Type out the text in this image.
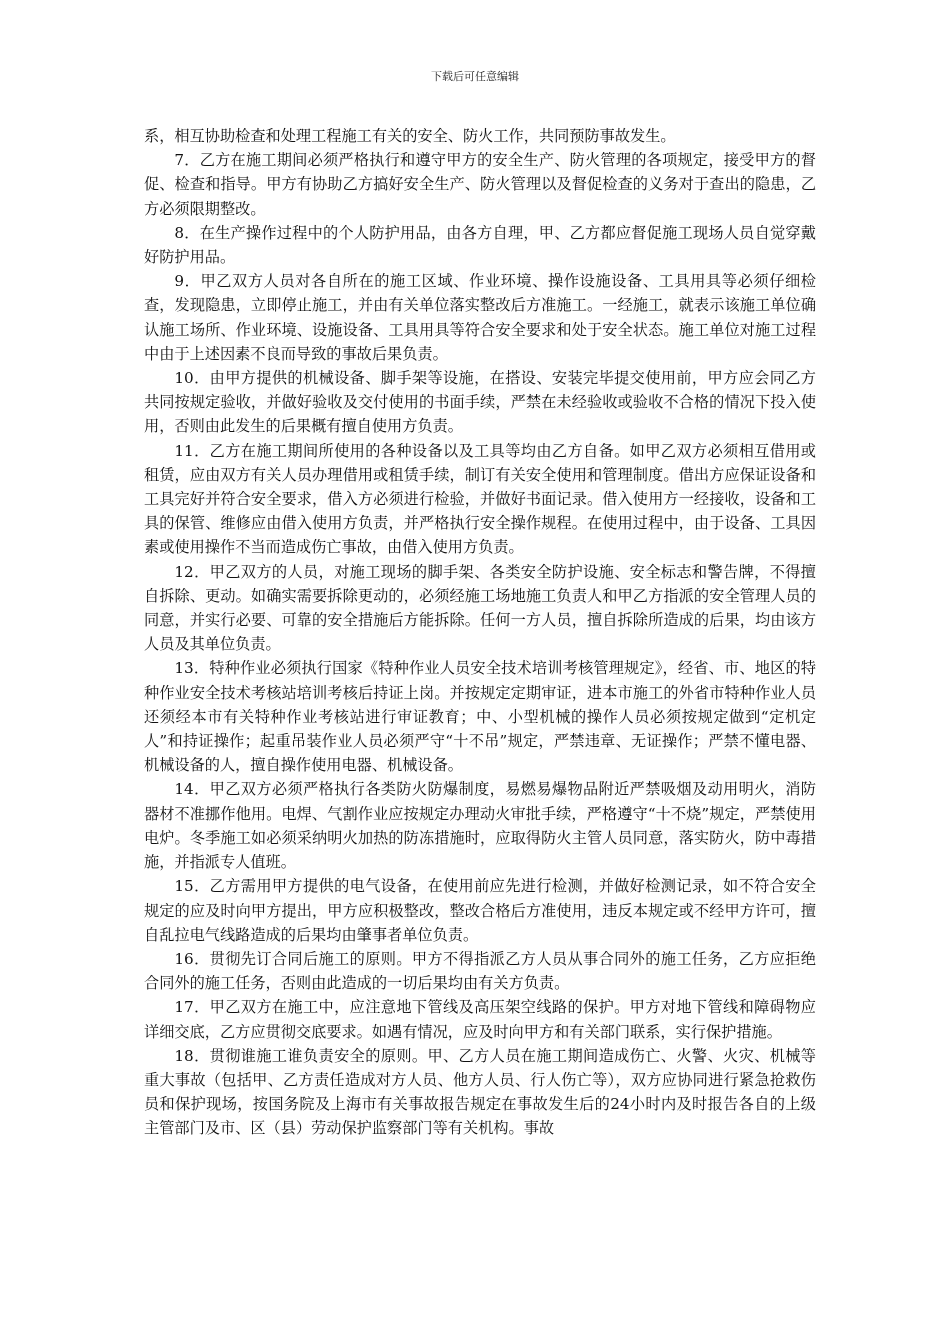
下载后可任意编辑

系，相互协助检查和处理工程施工有关的安全、防火工作，共同预防事故发生。

7．乙方在施工期间必须严格执行和遵守甲方的安全生产、防火管理的各项规定，接受甲方的督促、检查和指导。甲方有协助乙方搞好安全生产、防火管理以及督促检查的义务对于查出的隐患，乙方必须限期整改。

8．在生产操作过程中的个人防护用品，由各方自理，甲、乙方都应督促施工现场人员自觉穿戴好防护用品。

9．甲乙双方人员对各自所在的施工区域、作业环境、操作设施设备、工具用具等必须仔细检查，发现隐患，立即停止施工，并由有关单位落实整改后方准施工。一经施工，就表示该施工单位确认施工场所、作业环境、设施设备、工具用具等符合安全要求和处于安全状态。施工单位对施工过程中由于上述因素不良而导致的事故后果负责。

10．由甲方提供的机械设备、脚手架等设施，在搭设、安装完毕提交使用前，甲方应会同乙方共同按规定验收，并做好验收及交付使用的书面手续，严禁在未经验收或验收不合格的情况下投入使用，否则由此发生的后果概有擅自使用方负责。

11．乙方在施工期间所使用的各种设备以及工具等均由乙方自备。如甲乙双方必须相互借用或租赁，应由双方有关人员办理借用或租赁手续，制订有关安全使用和管理制度。借出方应保证设备和工具完好并符合安全要求，借入方必须进行检验，并做好书面记录。借入使用方一经接收，设备和工具的保管、维修应由借入使用方负责，并严格执行安全操作规程。在使用过程中，由于设备、工具因素或使用操作不当而造成伤亡事故，由借入使用方负责。

12．甲乙双方的人员，对施工现场的脚手架、各类安全防护设施、安全标志和警告牌，不得擅自拆除、更动。如确实需要拆除更动的，必须经施工场地施工负责人和甲乙方指派的安全管理人员的同意，并实行必要、可靠的安全措施后方能拆除。任何一方人员，擅自拆除所造成的后果，均由该方人员及其单位负责。

13．特种作业必须执行国家《特种作业人员安全技术培训考核管理规定》，经省、市、地区的特种作业安全技术考核站培训考核后持证上岗。并按规定定期审证，进本市施工的外省市特种作业人员还须经本市有关特种作业考核站进行审证教育；中、小型机械的操作人员必须按规定做到“定机定人”和持证操作；起重吊装作业人员必须严守“十不吊”规定，严禁违章、无证操作；严禁不懂电器、机械设备的人，擅自操作使用电器、机械设备。

14．甲乙双方必须严格执行各类防火防爆制度，易燃易爆物品附近严禁吸烟及动用明火，消防器材不准挪作他用。电焊、气割作业应按规定办理动火审批手续，严格遵守“十不烧”规定，严禁使用电炉。冬季施工如必须采纳明火加热的防冻措施时，应取得防火主管人员同意，落实防火，防中毒措施，并指派专人值班。

15．乙方需用甲方提供的电气设备，在使用前应先进行检测，并做好检测记录，如不符合安全规定的应及时向甲方提出，甲方应积极整改，整改合格后方准使用，违反本规定或不经甲方许可，擅自乱拉电气线路造成的后果均由肇事者单位负责。

16．贯彻先订合同后施工的原则。甲方不得指派乙方人员从事合同外的施工任务，乙方应拒绝合同外的施工任务，否则由此造成的一切后果均由有关方负责。

17．甲乙双方在施工中，应注意地下管线及高压架空线路的保护。甲方对地下管线和障碍物应详细交底，乙方应贯彻交底要求。如遇有情况，应及时向甲方和有关部门联系，实行保护措施。

18．贯彻谁施工谁负责安全的原则。甲、乙方人员在施工期间造成伤亡、火警、火灾、机械等重大事故（包括甲、乙方责任造成对方人员、他方人员、行人伤亡等），双方应协同进行紧急抢救伤员和保护现场，按国务院及上海市有关事故报告规定在事故发生后的24小时内及时报告各自的上级主管部门及市、区（县）劳动保护监察部门等有关机构。事故
